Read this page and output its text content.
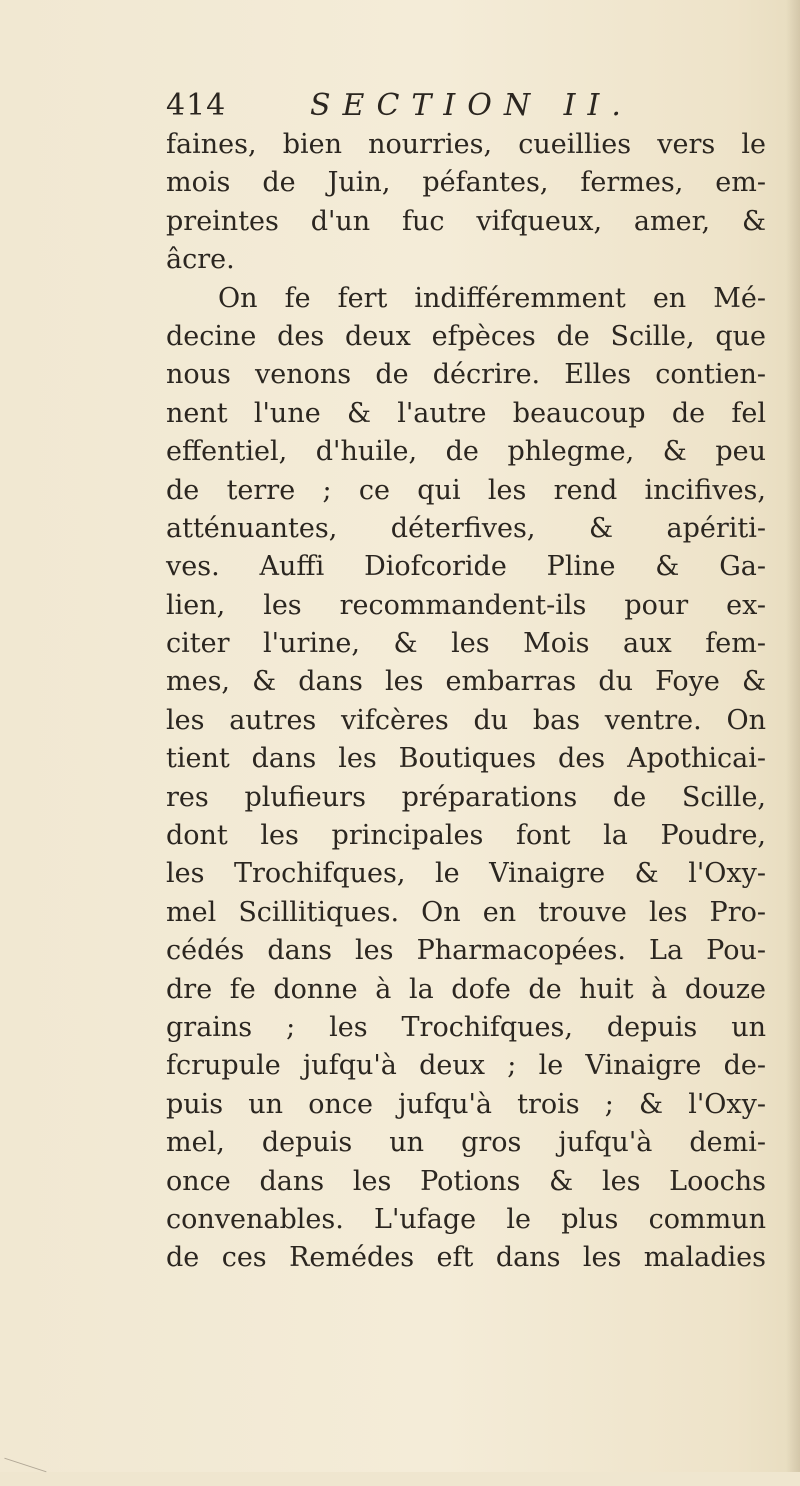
414	SECTION II.
faines, bien nourries, cueillies vers le
mois de Juin, péfantes, fermes, em-
preintes d'un fuc vifqueux, amer, &
âcre.
On fe fert indifféremment en Mé-
decine des deux efpèces de Scille, que
nous venons de décrire. Elles contien-
nent l'une & l'autre beaucoup de fel
effentiel, d'huile, de phlegme, & peu
de terre ; ce qui les rend incifives,
atténuantes, déterfives, & apériti-
ves. Auffi Diofcoride Pline & Ga-
lien, les recommandent-ils pour ex-
citer l'urine, & les Mois aux fem-
mes, & dans les embarras du Foye &
les autres vifcères du bas ventre. On
tient dans les Boutiques des Apothicai-
res plufieurs préparations de Scille,
dont les principales font la Poudre,
les Trochifques, le Vinaigre & l'Oxy-
mel Scillitiques. On en trouve les Pro-
cédés dans les Pharmacopées. La Pou-
dre fe donne à la dofe de huit à douze
grains ; les Trochifques, depuis un
fcrupule jufqu'à deux ; le Vinaigre de-
puis un once jufqu'à trois ; & l'Oxy-
mel, depuis un gros jufqu'à demi-
once dans les Potions & les Loochs
convenables. L'ufage le plus commun
de ces Remédes eft dans les maladies
